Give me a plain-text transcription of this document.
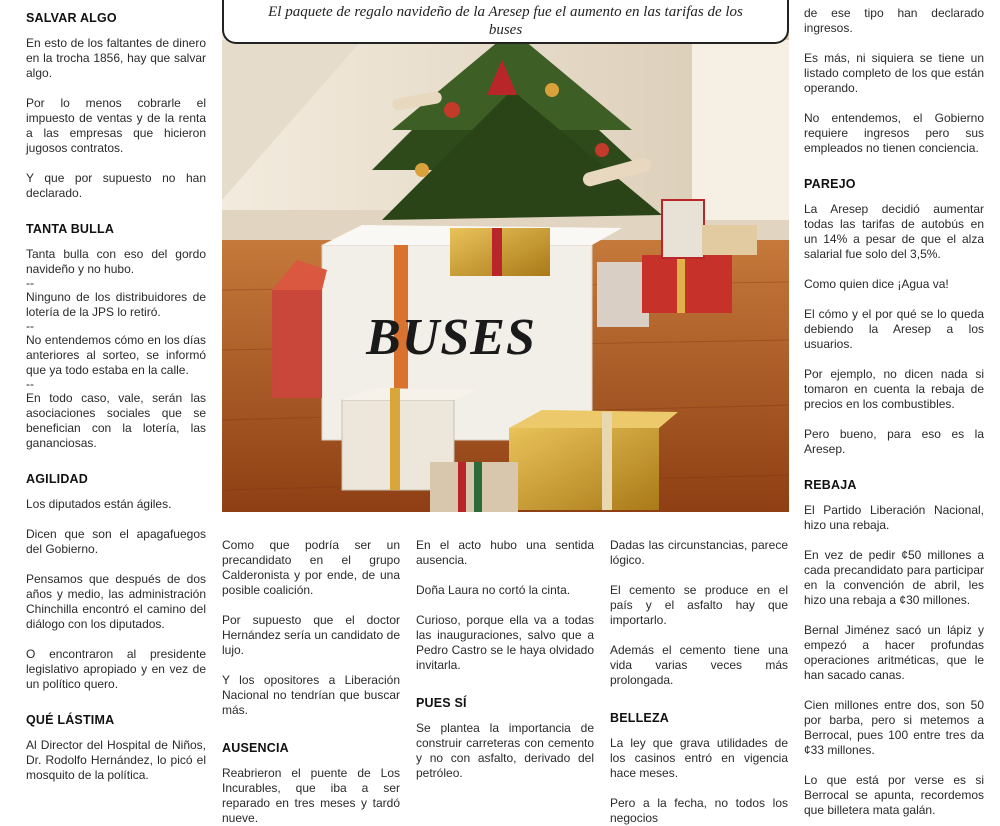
SALVAR ALGO
En esto de los faltantes de dinero en la trocha 1856, hay que salvar algo.
Por lo menos cobrarle el impuesto de ventas y de la renta a las empresas que hicieron jugosos contratos.
Y que por supuesto no han declarado.
TANTA BULLA
Tanta bulla con eso del gordo navideño y no hubo.
--
Ninguno de los distribuidores de lotería de la JPS lo retiró.
--
No entendemos cómo en los días anteriores al sorteo, se informó que ya todo estaba en la calle.
--
En todo caso, vale, serán las asociaciones sociales que se benefician con la lotería, las gananciosas.
AGILIDAD
Los diputados están ágiles.
Dicen que son el apagafuegos del Gobierno.
Pensamos que después de dos años y medio, las administración Chinchilla encontró el camino del diálogo con los diputados.
O encontraron al presidente legislativo apropiado y en vez de un político quero.
QUÉ LÁSTIMA
Al Director del Hospital de Niños, Dr. Rodolfo Hernández, lo picó el mosquito de la política.
El paquete de regalo navideño de la Aresep fue el aumento en las tarifas de los buses
BUSES
Como que podría ser un precandidato en el grupo Calderonista y por ende, de una posible coalición.
Por supuesto que el doctor Hernández sería un candidato de lujo.
Y los opositores a Liberación Nacional no tendrían que buscar más.
AUSENCIA
Reabrieron el puente de Los Incurables, que iba a ser reparado en tres meses y tardó nueve.
En el acto hubo una sentida ausencia.
Doña Laura no cortó la cinta.
Curioso, porque ella va a todas las inauguraciones, salvo que a Pedro Castro se le haya olvidado invitarla.
PUES SÍ
Se plantea la importancia de construir carreteras con cemento y no con asfalto, derivado del petróleo.
Dadas las circunstancias, parece lógico.
El cemento se produce en el país y el asfalto hay que importarlo.
Además el cemento tiene una vida varias veces más prolongada.
BELLEZA
La ley que grava utilidades de los casinos entró en vigencia hace meses.
Pero a la fecha, no todos los negocios
de ese tipo han declarado ingresos.
Es más, ni siquiera se tiene un listado completo de los que están operando.
No entendemos, el Gobierno requiere ingresos pero sus empleados no tienen conciencia.
PAREJO
La Aresep decidió aumentar todas las tarifas de autobús en un 14% a pesar de que el alza salarial fue solo del 3,5%.
Como quien dice ¡Agua va!
El cómo y el por qué se lo queda debiendo la Aresep a los usuarios.
Por ejemplo, no dicen nada si tomaron en cuenta la rebaja de precios en los combustibles.
Pero bueno, para eso es la Aresep.
REBAJA
El Partido Liberación Nacional, hizo una rebaja.
En vez de pedir ¢50 millones a cada precandidato para participar en la convención de abril, les hizo una rebaja a ¢30 millones.
Bernal Jiménez sacó un lápiz y empezó a hacer profundas operaciones aritméticas, que le han sacado canas.
Cien millones entre dos, son 50 por barba, pero si metemos a Berrocal, pues 100 entre tres da ¢33 millones.
Lo que está por verse es si Berrocal se apunta, recordemos que billetera mata galán.
